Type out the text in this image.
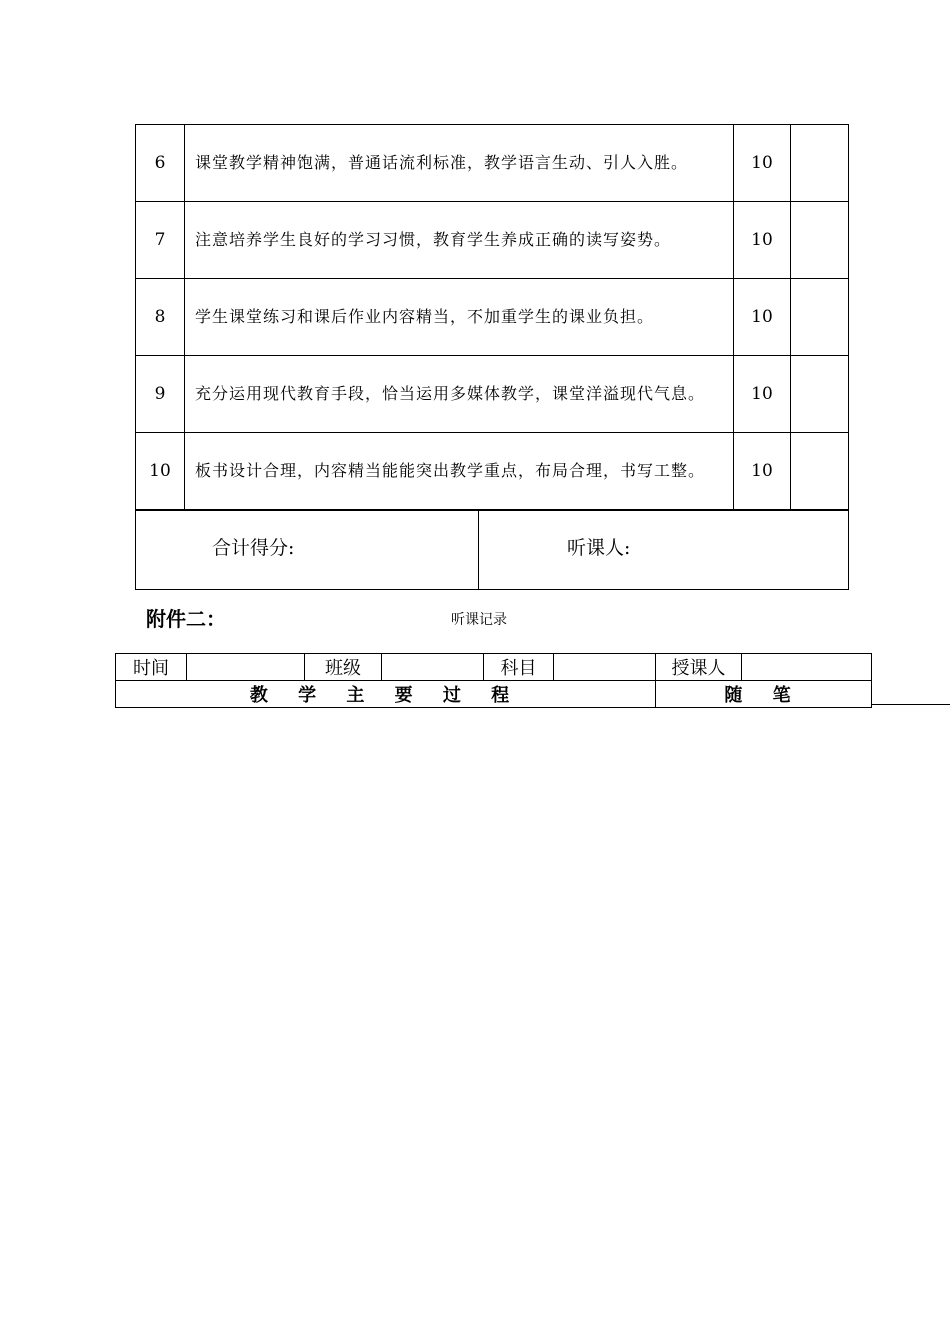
6	课堂教学精神饱满，普通话流利标准，教学语言生动、引人入胜。	10	
7	注意培养学生良好的学习习惯，教育学生养成正确的读写姿势。	10	
8	学生课堂练习和课后作业内容精当，不加重学生的课业负担。	10	
9	充分运用现代教育手段，恰当运用多媒体教学，课堂洋溢现代气息。	10	
10	板书设计合理，内容精当能能突出教学重点，布局合理，书写工整。	10	
合计得分:	听课人:
附件二：	听课记录
时间		班级		科目		授课人	
教 学 主 要 过 程						随 笔	
